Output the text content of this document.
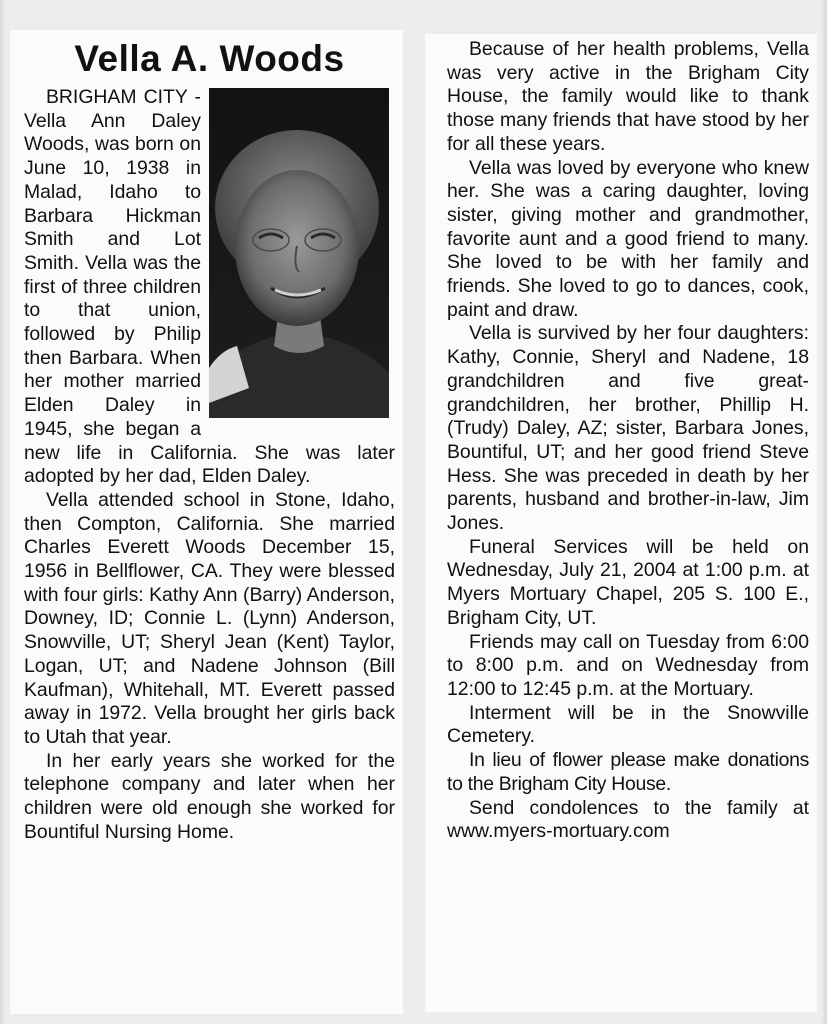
Vella A. Woods

BRIGHAM CITY - Vella Ann Daley Woods, was born on June 10, 1938 in Malad, Idaho to Barbara Hickman Smith and Lot Smith. Vella was the first of three children to that union, followed by Philip then Barbara. When her mother married Elden Daley in 1945, she began a new life in California. She was later adopted by her dad, Elden Daley.

Vella attended school in Stone, Idaho, then Compton, California. She married Charles Everett Woods December 15, 1956 in Bellflower, CA. They were blessed with four girls: Kathy Ann (Barry) Anderson, Downey, ID; Connie L. (Lynn) Anderson, Snowville, UT; Sheryl Jean (Kent) Taylor, Logan, UT; and Nadene Johnson (Bill Kaufman), Whitehall, MT. Everett passed away in 1972. Vella brought her girls back to Utah that year.

In her early years she worked for the telephone company and later when her children were old enough she worked for Bountiful Nursing Home.

Because of her health problems, Vella was very active in the Brigham City House, the family would like to thank those many friends that have stood by her for all these years.

Vella was loved by everyone who knew her. She was a caring daughter, loving sister, giving mother and grandmother, favorite aunt and a good friend to many. She loved to be with her family and friends. She loved to go to dances, cook, paint and draw.

Vella is survived by her four daughters: Kathy, Connie, Sheryl and Nadene, 18 grandchildren and five great-grandchildren, her brother, Phillip H. (Trudy) Daley, AZ; sister, Barbara Jones, Bountiful, UT; and her good friend Steve Hess. She was preceded in death by her parents, husband and brother-in-law, Jim Jones.

Funeral Services will be held on Wednesday, July 21, 2004 at 1:00 p.m. at Myers Mortuary Chapel, 205 S. 100 E., Brigham City, UT.

Friends may call on Tuesday from 6:00 to 8:00 p.m. and on Wednesday from 12:00 to 12:45 p.m. at the Mortuary.

Interment will be in the Snowville Cemetery.

In lieu of flower please make donations to the Brigham City House.

Send condolences to the family at www.myers-mortuary.com
